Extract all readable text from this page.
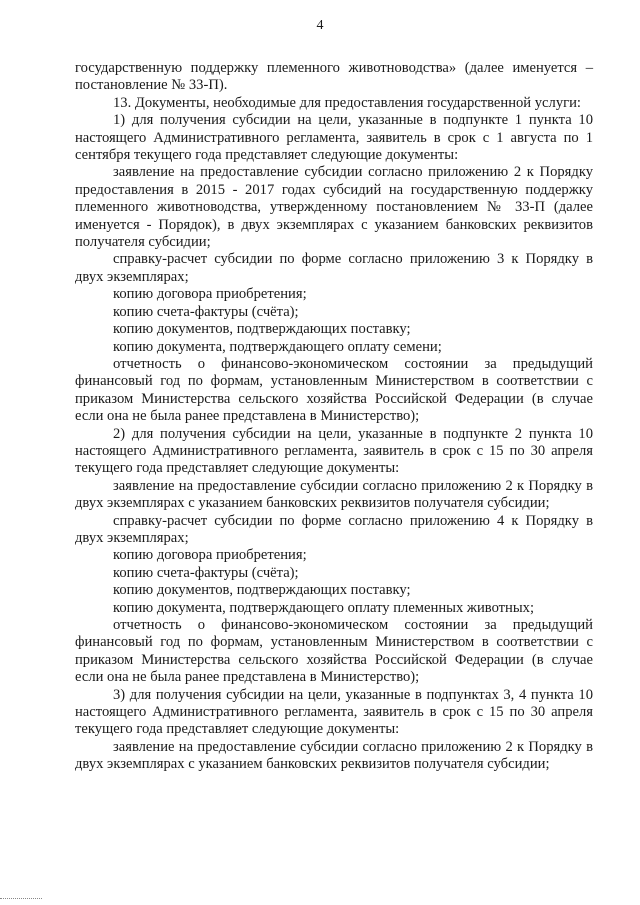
4

государственную поддержку племенного животноводства» (далее именуется – постановление № 33-П).

13. Документы, необходимые для предоставления государственной услуги:

1) для получения субсидии на цели, указанные в подпункте 1 пункта 10 настоящего Административного регламента, заявитель в срок с 1 августа по 1 сентября текущего года представляет следующие документы:

заявление на предоставление субсидии согласно приложению 2 к Порядку предоставления в 2015 - 2017 годах субсидий на государственную поддержку племенного животноводства, утвержденному постановлением № 33-П (далее именуется - Порядок), в двух экземплярах с указанием банковских реквизитов получателя субсидии;

справку-расчет субсидии по форме согласно приложению 3 к Порядку в двух экземплярах;

копию договора приобретения;

копию счета-фактуры (счёта);

копию документов, подтверждающих поставку;

копию документа, подтверждающего оплату семени;

отчетность о финансово-экономическом состоянии за предыдущий финансовый год по формам, установленным Министерством в соответствии с приказом Министерства сельского хозяйства Российской Федерации (в случае если она не была ранее представлена в Министерство);

2) для получения субсидии на цели, указанные в подпункте 2 пункта 10 настоящего Административного регламента, заявитель в срок с 15 по 30 апреля текущего года представляет следующие документы:

заявление на предоставление субсидии согласно приложению 2 к Порядку в двух экземплярах с указанием банковских реквизитов получателя субсидии;

справку-расчет субсидии по форме согласно приложению 4 к Порядку в двух экземплярах;

копию договора приобретения;

копию счета-фактуры (счёта);

копию документов, подтверждающих поставку;

копию документа, подтверждающего оплату племенных животных;

отчетность о финансово-экономическом состоянии за предыдущий финансовый год по формам, установленным Министерством в соответствии с приказом Министерства сельского хозяйства Российской Федерации (в случае если она не была ранее представлена в Министерство);

3) для получения субсидии на цели, указанные в подпунктах 3, 4 пункта 10 настоящего Административного регламента, заявитель в срок с 15 по 30 апреля текущего года представляет следующие документы:

заявление на предоставление субсидии согласно приложению 2 к Порядку в двух экземплярах с указанием банковских реквизитов получателя субсидии;
